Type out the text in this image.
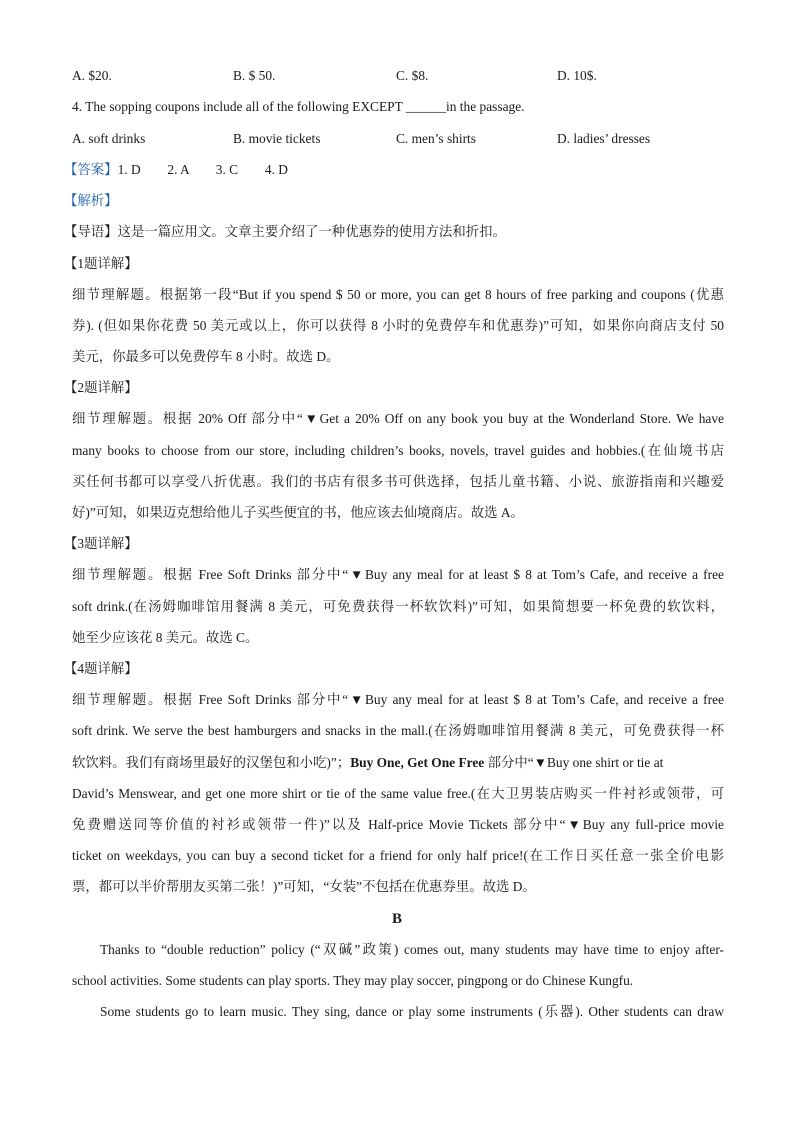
A. $20.	B. $ 50.	C. $8.	D. 10$.
4. The sopping coupons include all of the following EXCEPT ______in the passage.
A. soft drinks	B. movie tickets	C. men’s shirts	D. ladies’ dresses
【答案】1. D　　2. A　　3. C　　4. D
【解析】
【导语】这是一篇应用文。文章主要介绍了一种优惠券的使用方法和折扣。
【1题详解】
细节理解题。根据第一段“But if you spend $ 50 or more, you can get 8 hours of free parking and coupons (优惠
券). (但如果你花费 50 美元或以上，你可以获得 8 小时的免费停车和优惠券)”可知，如果你向商店支付 50
美元，你最多可以免费停车 8 小时。故选 D。
【2题详解】
细节理解题。根据 20% Off 部分中“▼Get a 20% Off on any book you buy at the Wonderland Store. We have
many books to choose from our store, including children’s books, novels, travel guides and hobbies.(在仙境书店
买任何书都可以享受八折优惠。我们的书店有很多书可供选择，包括儿童书籍、小说、旅游指南和兴趣爱
好)”可知，如果迈克想给他儿子买些便宜的书，他应该去仙境商店。故选 A。
【3题详解】
细节理解题。根据 Free Soft Drinks 部分中“▼Buy any meal for at least $ 8 at Tom’s Cafe, and receive a free
soft drink.(在汤姆咖啡馆用餐满 8 美元，可免费获得一杯软饮料)”可知，如果简想要一杯免费的软饮料，
她至少应该花 8 美元。故选 C。
【4题详解】
细节理解题。根据 Free Soft Drinks 部分中“▼Buy any meal for at least $ 8 at Tom’s Cafe, and receive a free
soft drink. We serve the best hamburgers and snacks in the mall.(在汤姆咖啡馆用餐满 8 美元，可免费获得一杯
软饮料。我们有商场里最好的汉堡包和小吃)”；Buy One, Get One Free 部分中“▼Buy one shirt or tie at
David’s Menswear, and get one more shirt or tie of the same value free.(在大卫男装店购买一件衬衫或领带，可
免费赠送同等价值的衬衫或领带一件)”以及 Half-price Movie Tickets 部分中“▼Buy any full-price movie
ticket on weekdays, you can buy a second ticket for a friend for only half price!(在工作日买任意一张全价电影
票，都可以半价帮朋友买第二张！)”可知，“女装”不包括在优惠券里。故选 D。
B
Thanks to “double reduction” policy (“双碱”政策) comes out, many students may have time to enjoy after-
school activities. Some students can play sports. They may play soccer, pingpong or do Chinese Kungfu.
Some students go to learn music. They sing, dance or play some instruments (乐器). Other students can draw
